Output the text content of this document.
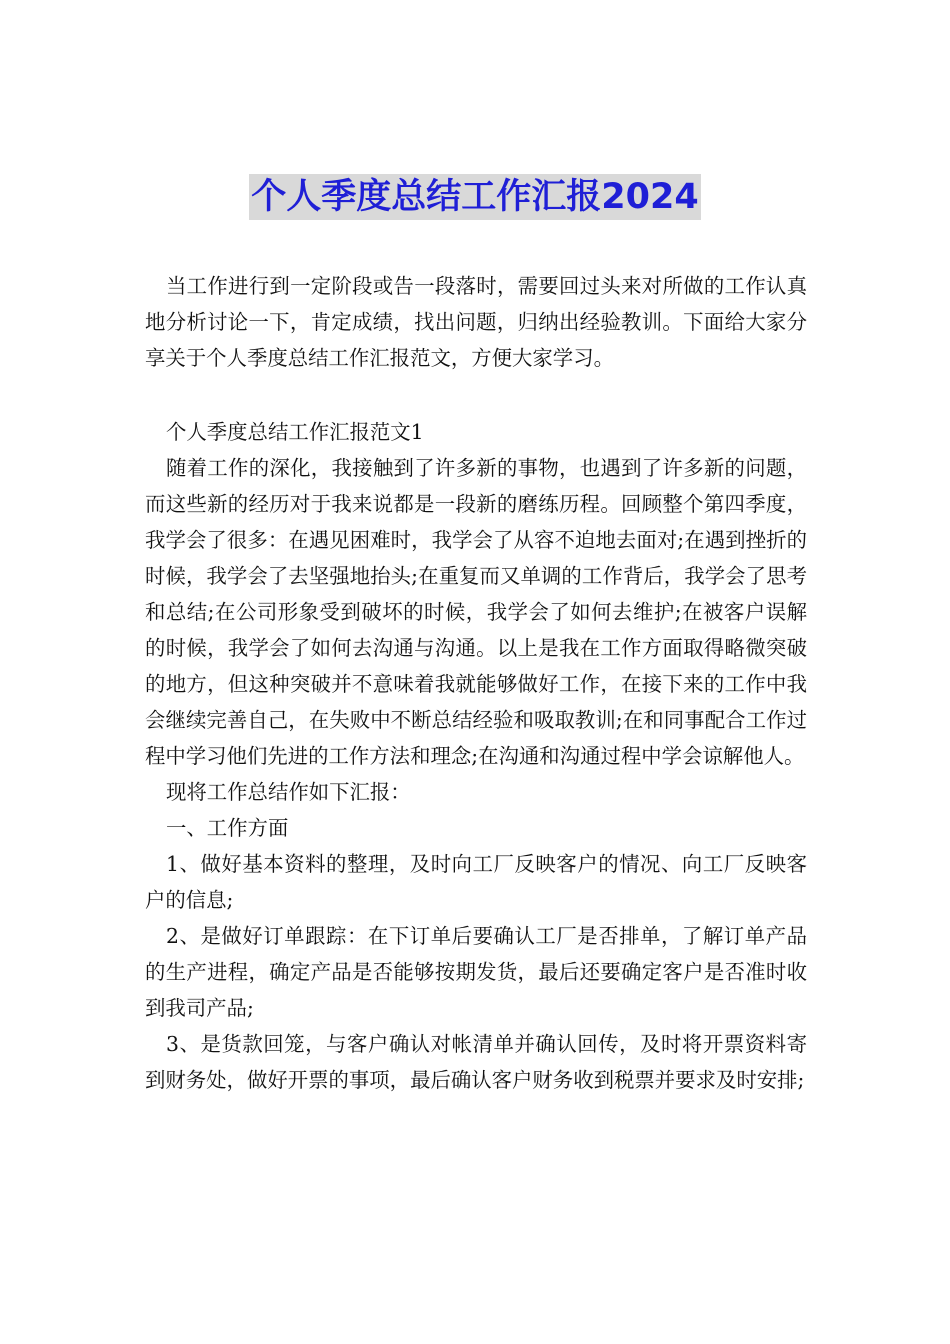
个人季度总结工作汇报2024

当工作进行到一定阶段或告一段落时，需要回过头来对所做的工作认真地分析讨论一下，肯定成绩，找出问题，归纳出经验教训。下面给大家分享关于个人季度总结工作汇报范文，方便大家学习。

个人季度总结工作汇报范文1

随着工作的深化，我接触到了许多新的事物，也遇到了许多新的问题，而这些新的经历对于我来说都是一段新的磨练历程。回顾整个第四季度，我学会了很多：在遇见困难时，我学会了从容不迫地去面对;在遇到挫折的时候，我学会了去坚强地抬头;在重复而又单调的工作背后，我学会了思考和总结;在公司形象受到破坏的时候，我学会了如何去维护;在被客户误解的时候，我学会了如何去沟通与沟通。以上是我在工作方面取得略微突破的地方，但这种突破并不意味着我就能够做好工作，在接下来的工作中我会继续完善自己，在失败中不断总结经验和吸取教训;在和同事配合工作过程中学习他们先进的工作方法和理念;在沟通和沟通过程中学会谅解他人。

现将工作总结作如下汇报：

一、工作方面

1、做好基本资料的整理，及时向工厂反映客户的情况、向工厂反映客户的信息;

2、是做好订单跟踪：在下订单后要确认工厂是否排单，了解订单产品的生产进程，确定产品是否能够按期发货，最后还要确定客户是否准时收到我司产品;

3、是货款回笼，与客户确认对帐清单并确认回传，及时将开票资料寄到财务处，做好开票的事项，最后确认客户财务收到税票并要求及时安排;
